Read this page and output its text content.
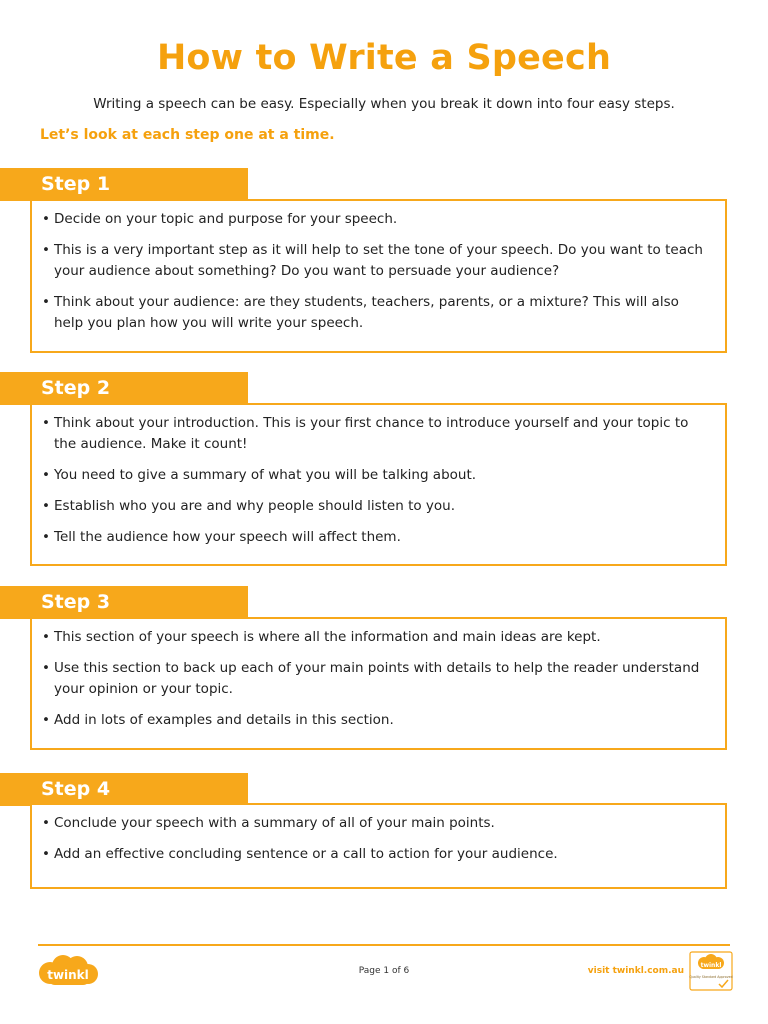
How to Write a Speech

Writing a speech can be easy. Especially when you break it down into four easy steps.

Let’s look at each step one at a time.

Step 1
• Decide on your topic and purpose for your speech.
• This is a very important step as it will help to set the tone of your speech. Do you want to teach your audience about something? Do you want to persuade your audience?
• Think about your audience: are they students, teachers, parents, or a mixture? This will also help you plan how you will write your speech.
Step 2
• Think about your introduction. This is your first chance to introduce yourself and your topic to the audience. Make it count!
• You need to give a summary of what you will be talking about.
• Establish who you are and why people should listen to you.
• Tell the audience how your speech will affect them.
Step 3
• This section of your speech is where all the information and main ideas are kept.
• Use this section to back up each of your main points with details to help the reader understand your opinion or your topic.
• Add in lots of examples and details in this section.
Step 4
• Conclude your speech with a summary of all of your main points.
• Add an effective concluding sentence or a call to action for your audience.
twinkl	Page 1 of 6	visit twinkl.com.au
twinkl
Quality Standard Approved
